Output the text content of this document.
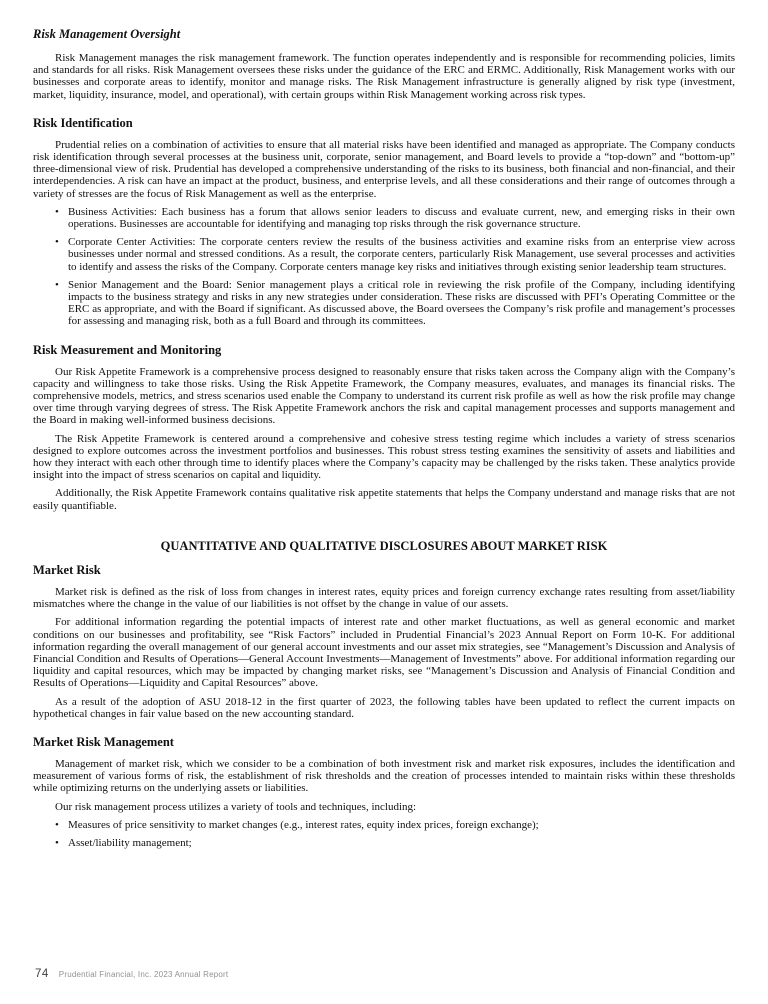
Risk Management Oversight

Risk Management manages the risk management framework. The function operates independently and is responsible for recommending policies, limits and standards for all risks. Risk Management oversees these risks under the guidance of the ERC and ERMC. Additionally, Risk Management works with our businesses and corporate areas to identify, monitor and manage risks. The Risk Management infrastructure is generally aligned by risk type (investment, market, liquidity, insurance, model, and operational), with certain groups within Risk Management working across risk types.

Risk Identification

Prudential relies on a combination of activities to ensure that all material risks have been identified and managed as appropriate. The Company conducts risk identification through several processes at the business unit, corporate, senior management, and Board levels to provide a “top-down” and “bottom-up” three-dimensional view of risk. Prudential has developed a comprehensive understanding of the risks to its business, both financial and non-financial, and their interdependencies. A risk can have an impact at the product, business, and enterprise levels, and all these considerations and their range of outcomes through a variety of stresses are the focus of Risk Management as well as the enterprise.

• Business Activities: Each business has a forum that allows senior leaders to discuss and evaluate current, new, and emerging risks in their own operations. Businesses are accountable for identifying and managing top risks through the risk governance structure.
• Corporate Center Activities: The corporate centers review the results of the business activities and examine risks from an enterprise view across businesses under normal and stressed conditions. As a result, the corporate centers, particularly Risk Management, use several processes and activities to identify and assess the risks of the Company. Corporate centers manage key risks and initiatives through existing senior leadership team structures.
• Senior Management and the Board: Senior management plays a critical role in reviewing the risk profile of the Company, including identifying impacts to the business strategy and risks in any new strategies under consideration. These risks are discussed with PFI’s Operating Committee or the ERC as appropriate, and with the Board if significant. As discussed above, the Board oversees the Company’s risk profile and management’s processes for assessing and managing risk, both as a full Board and through its committees.
Risk Measurement and Monitoring

Our Risk Appetite Framework is a comprehensive process designed to reasonably ensure that risks taken across the Company align with the Company’s capacity and willingness to take those risks. Using the Risk Appetite Framework, the Company measures, evaluates, and manages its financial risks. The comprehensive models, metrics, and stress scenarios used enable the Company to understand its current risk profile as well as how the risk profile may change over time through varying degrees of stress. The Risk Appetite Framework anchors the risk and capital management processes and supports management and the Board in making well-informed business decisions.

The Risk Appetite Framework is centered around a comprehensive and cohesive stress testing regime which includes a variety of stress scenarios designed to explore outcomes across the investment portfolios and businesses. This robust stress testing examines the sensitivity of assets and liabilities and how they interact with each other through time to identify places where the Company’s capacity may be challenged by the risks taken. These analytics provide insight into the impact of stress scenarios on capital and liquidity.

Additionally, the Risk Appetite Framework contains qualitative risk appetite statements that helps the Company understand and manage risks that are not easily quantifiable.

QUANTITATIVE AND QUALITATIVE DISCLOSURES ABOUT MARKET RISK
Market Risk

Market risk is defined as the risk of loss from changes in interest rates, equity prices and foreign currency exchange rates resulting from asset/liability mismatches where the change in the value of our liabilities is not offset by the change in value of our assets.

For additional information regarding the potential impacts of interest rate and other market fluctuations, as well as general economic and market conditions on our businesses and profitability, see “Risk Factors” included in Prudential Financial’s 2023 Annual Report on Form 10-K. For additional information regarding the overall management of our general account investments and our asset mix strategies, see “Management’s Discussion and Analysis of Financial Condition and Results of Operations—General Account Investments—Management of Investments” above. For additional information regarding our liquidity and capital resources, which may be impacted by changing market risks, see “Management’s Discussion and Analysis of Financial Condition and Results of Operations—Liquidity and Capital Resources” above.

As a result of the adoption of ASU 2018-12 in the first quarter of 2023, the following tables have been updated to reflect the current impacts on hypothetical changes in fair value based on the new accounting standard.

Market Risk Management

Management of market risk, which we consider to be a combination of both investment risk and market risk exposures, includes the identification and measurement of various forms of risk, the establishment of risk thresholds and the creation of processes intended to maintain risks within these thresholds while optimizing returns on the underlying assets or liabilities.

Our risk management process utilizes a variety of tools and techniques, including:

• Measures of price sensitivity to market changes (e.g., interest rates, equity index prices, foreign exchange);
• Asset/liability management;
74 Prudential Financial, Inc. 2023 Annual Report
